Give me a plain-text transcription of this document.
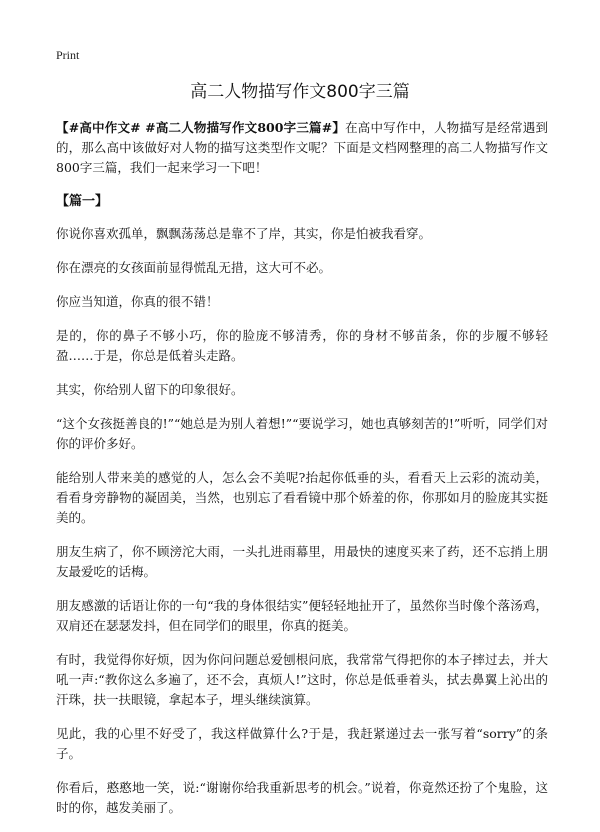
Print
高二人物描写作文800字三篇

【#高中作文# #高二人物描写作文800字三篇#】在高中写作中，人物描写是经常遇到的，那么高中该做好对人物的描写这类型作文呢？下面是文档网整理的高二人物描写作文800字三篇，我们一起来学习一下吧！

【篇一】

你说你喜欢孤单，飘飘荡荡总是靠不了岸，其实，你是怕被我看穿。

你在漂亮的女孩面前显得慌乱无措，这大可不必。

你应当知道，你真的很不错！

是的，你的鼻子不够小巧，你的脸庞不够清秀，你的身材不够苗条，你的步履不够轻盈……于是，你总是低着头走路。

其实，你给别人留下的印象很好。

“这个女孩挺善良的!”“她总是为别人着想!”“要说学习，她也真够刻苦的!”听听，同学们对你的评价多好。

能给别人带来美的感觉的人，怎么会不美呢?抬起你低垂的头，看看天上云彩的流动美，看看身旁静物的凝固美，当然，也别忘了看看镜中那个娇羞的你，你那如月的脸庞其实挺美的。

朋友生病了，你不顾滂沱大雨，一头扎进雨幕里，用最快的速度买来了药，还不忘捎上朋友最爱吃的话梅。

朋友感激的话语让你的一句“我的身体很结实”便轻轻地扯开了，虽然你当时像个落汤鸡，双肩还在瑟瑟发抖，但在同学们的眼里，你真的挺美。

有时，我觉得你好烦，因为你问问题总爱刨根问底，我常常气得把你的本子摔过去，并大吼一声:“教你这么多遍了，还不会，真烦人!”这时，你总是低垂着头，拭去鼻翼上沁出的汗珠，扶一扶眼镜，拿起本子，埋头继续演算。

见此，我的心里不好受了，我这样做算什么?于是，我赶紧递过去一张写着“sorry”的条子。

你看后，憨憨地一笑，说:“谢谢你给我重新思考的机会。”说着，你竟然还扮了个鬼脸，这时的你，越发美丽了。
